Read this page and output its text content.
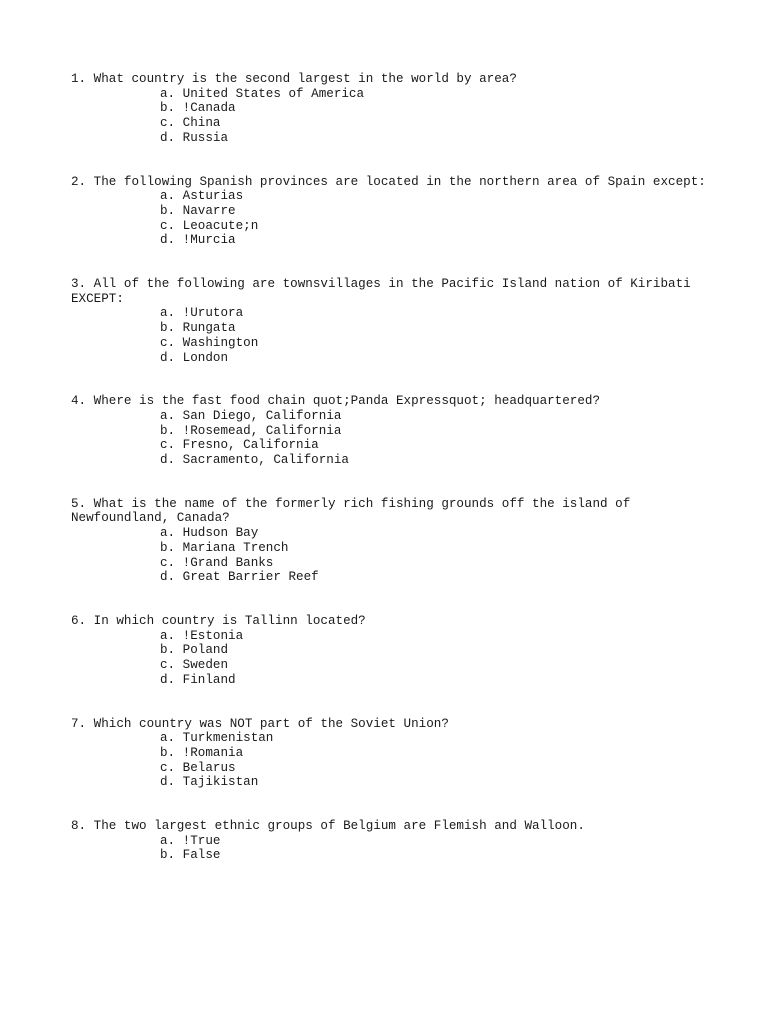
1. What country is the second largest in the world by area?
a. United States of America
b. !Canada
c. China
d. Russia
2. The following Spanish provinces are located in the northern area of Spain except:
a. Asturias
b. Navarre
c. Leoacute;n
d. !Murcia
3. All of the following are townsvillages in the Pacific Island nation of Kiribati EXCEPT:
a. !Urutora
b. Rungata
c. Washington
d. London
4. Where is the fast food chain quot;Panda Expressquot; headquartered?
a. San Diego, California
b. !Rosemead, California
c. Fresno, California
d. Sacramento, California
5. What is the name of the formerly rich fishing grounds off the island of Newfoundland, Canada?
a. Hudson Bay
b. Mariana Trench
c. !Grand Banks
d. Great Barrier Reef
6. In which country is Tallinn located?
a. !Estonia
b. Poland
c. Sweden
d. Finland
7. Which country was NOT part of the Soviet Union?
a. Turkmenistan
b. !Romania
c. Belarus
d. Tajikistan
8. The two largest ethnic groups of Belgium are Flemish and Walloon.
a. !True
b. False
